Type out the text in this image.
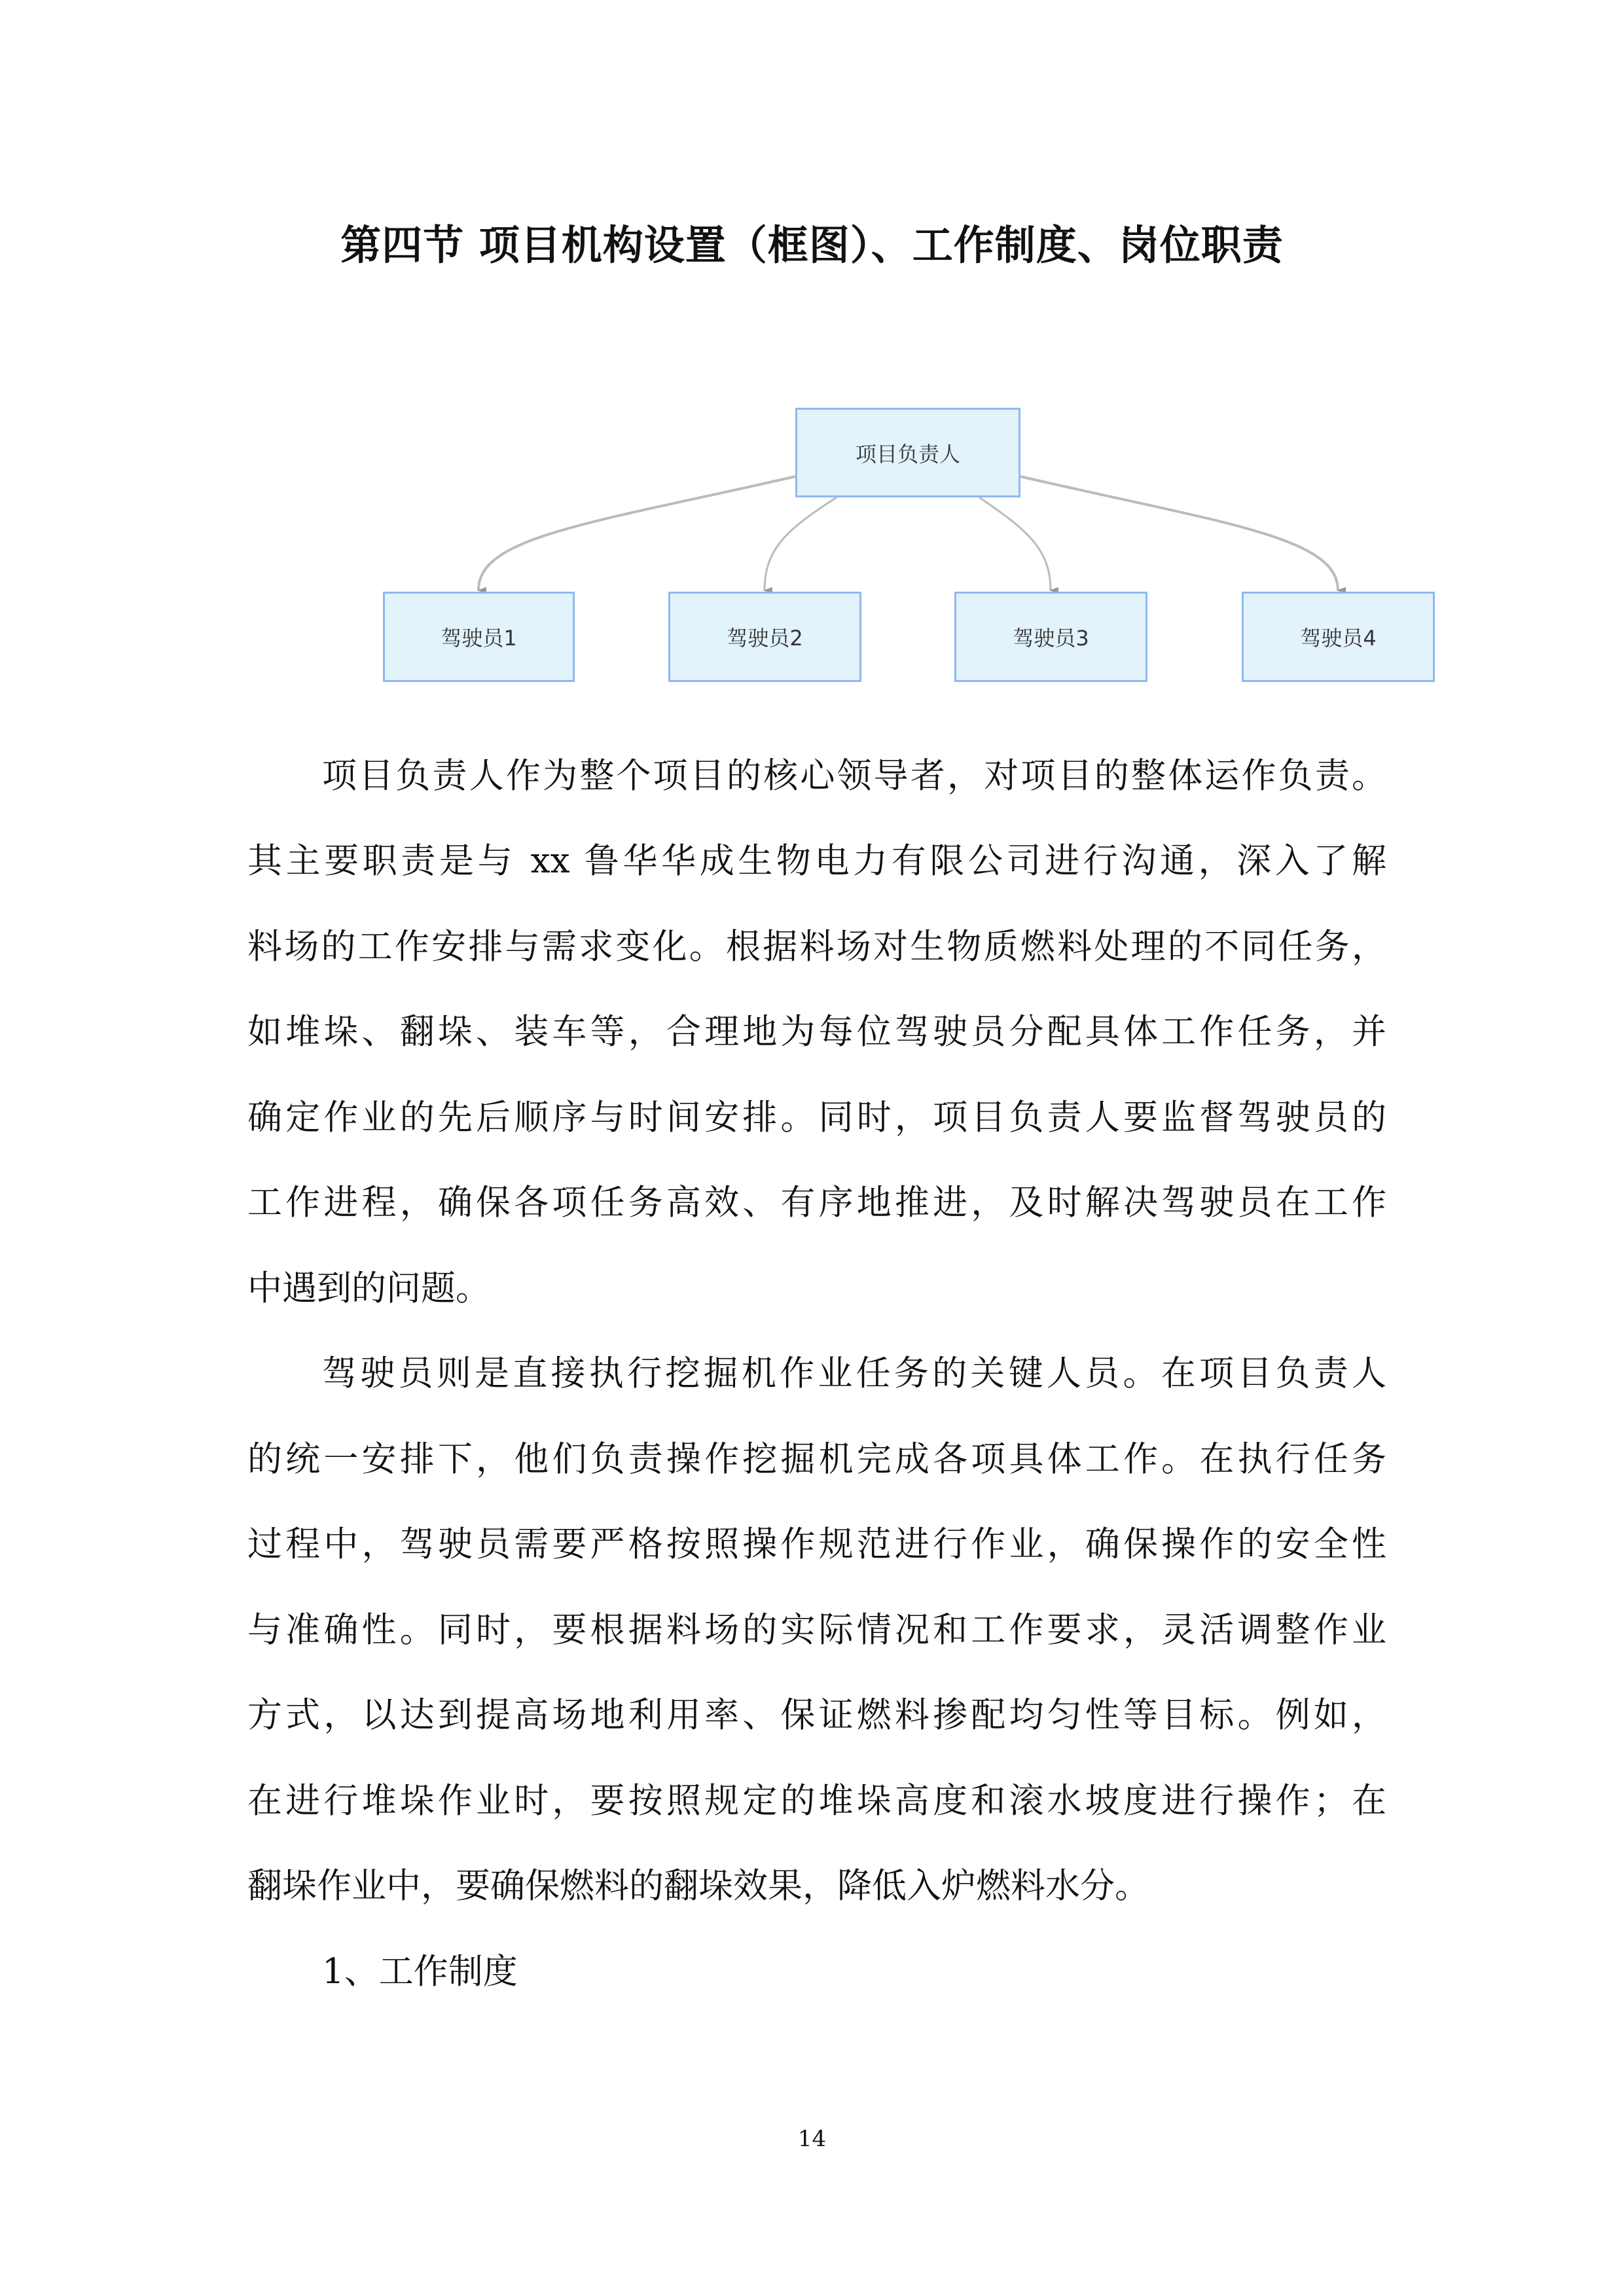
第四节 项目机构设置（框图）、工作制度、岗位职责
项目负责人
驾驶员1	驾驶员2	驾驶员3	驾驶员4
项目负责人作为整个项目的核心领导者，对项目的整体运作负责。
其主要职责是与 xx 鲁华华成生物电力有限公司进行沟通，深入了解
料场的工作安排与需求变化。根据料场对生物质燃料处理的不同任务，
如堆垛、翻垛、装车等，合理地为每位驾驶员分配具体工作任务，并
确定作业的先后顺序与时间安排。同时，项目负责人要监督驾驶员的
工作进程，确保各项任务高效、有序地推进，及时解决驾驶员在工作
中遇到的问题。
驾驶员则是直接执行挖掘机作业任务的关键人员。在项目负责人
的统一安排下，他们负责操作挖掘机完成各项具体工作。在执行任务
过程中，驾驶员需要严格按照操作规范进行作业，确保操作的安全性
与准确性。同时，要根据料场的实际情况和工作要求，灵活调整作业
方式，以达到提高场地利用率、保证燃料掺配均匀性等目标。例如，
在进行堆垛作业时，要按照规定的堆垛高度和滚水坡度进行操作；在
翻垛作业中，要确保燃料的翻垛效果，降低入炉燃料水分。
1、工作制度
14
